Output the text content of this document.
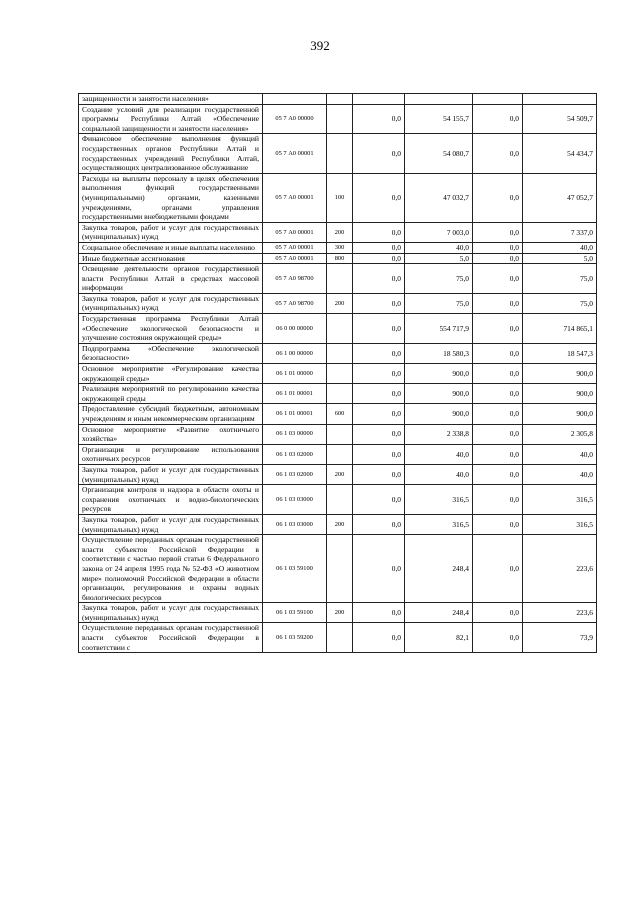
392
защищенности и занятости населения»						
Создание условий для реализации государственной программы Республики Алтай «Обеспечение социальной защищенности и занятости населения»	05 7 А0 00000		0,0	54 155,7	0,0	54 509,7
Финансовое обеспечение выполнения функций государственных органов Республики Алтай и государственных учреждений Республики Алтай, осуществляющих централизованное обслуживание	05 7 А0 00001		0,0	54 080,7	0,0	54 434,7
Расходы на выплаты персоналу в целях обеспечения выполнения функций государственными (муниципальными) органами, казенными учреждениями, органами управления государственными внебюджетными фондами	05 7 А0 00001	100	0,0	47 032,7	0,0	47 052,7
Закупка товаров, работ и услуг для государственных (муниципальных) нужд	05 7 А0 00001	200	0,0	7 003,0	0,0	7 337,0
Социальное обеспечение и иные выплаты населению	05 7 А0 00001	300	0,0	40,0	0,0	40,0
Иные бюджетные ассигнования	05 7 А0 00001	800	0,0	5,0	0,0	5,0
Освещение деятельности органов государственной власти Республики Алтай в средствах массовой информации	05 7 А0 98700		0,0	75,0	0,0	75,0
Закупка товаров, работ и услуг для государственных (муниципальных) нужд	05 7 А0 98700	200	0,0	75,0	0,0	75,0
Государственная программа Республики Алтай «Обеспечение экологической безопасности и улучшение состояния окружающей среды»	06 0 00 00000		0,0	554 717,9	0,0	714 865,1
Подпрограмма «Обеспечение экологической безопасности»	06 1 00 00000		0,0	18 580,3	0,0	18 547,3
Основное мероприятие «Регулирование качества окружающей среды»	06 1 01 00000		0,0	900,0	0,0	900,0
Реализация мероприятий по регулированию качества окружающей среды	06 1 01 00001		0,0	900,0	0,0	900,0
Предоставление субсидий бюджетным, автономным учреждениям и иным некоммерческим организациям	06 1 01 00001	600	0,0	900,0	0,0	900,0
Основное мероприятие «Развитие охотничьего хозяйства»	06 1 03 00000		0,0	2 338,8	0,0	2 305,8
Организация и регулирование использования охотничьих ресурсов	06 1 03 02000		0,0	40,0	0,0	40,0
Закупка товаров, работ и услуг для государственных (муниципальных) нужд	06 1 03 02000	200	0,0	40,0	0,0	40,0
Организация контроля и надзора в области охоты и сохранения охотничьих и водно-биологических ресурсов	06 1 03 03000		0,0	316,5	0,0	316,5
Закупка товаров, работ и услуг для государственных (муниципальных) нужд	06 1 03 03000	200	0,0	316,5	0,0	316,5
Осуществление переданных органам государственной власти субъектов Российской Федерации в соответствии с частью первой статьи 6 Федерального закона от 24 апреля 1995 года № 52-ФЗ «О животном мире» полномочий Российской Федерации в области организации, регулирования и охраны водных биологических ресурсов	06 1 03 59100		0,0	248,4	0,0	223,6
Закупка товаров, работ и услуг для государственных (муниципальных) нужд	06 1 03 59100	200	0,0	248,4	0,0	223,6
Осуществление переданных органам государственной власти субъектов Российской Федерации в соответствии с	06 1 03 59200		0,0	82,1	0,0	73,9
